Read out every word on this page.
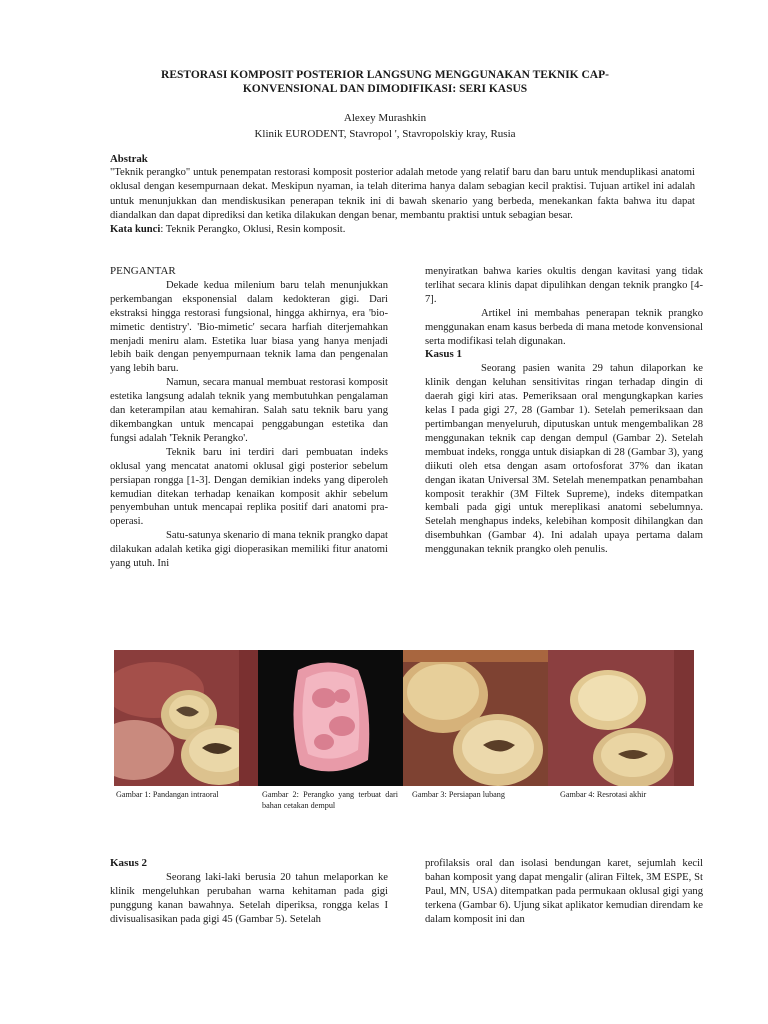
RESTORASI KOMPOSIT POSTERIOR LANGSUNG MENGGUNAKAN TEKNIK CAP-
KONVENSIONAL DAN DIMODIFIKASI: SERI KASUS
Alexey Murashkin
Klinik EURODENT, Stavropol ', Stavropolskiy kray, Rusia
Abstrak

"Teknik perangko" untuk penempatan restorasi komposit posterior adalah metode yang relatif baru dan baru untuk menduplikasi anatomi oklusal dengan kesempurnaan dekat. Meskipun nyaman, ia telah diterima hanya dalam sebagian kecil praktisi. Tujuan artikel ini adalah untuk menunjukkan dan mendiskusikan penerapan teknik ini di bawah skenario yang berbeda, menekankan fakta bahwa itu dapat diandalkan dan dapat diprediksi dan ketika dilakukan dengan benar, membantu praktisi untuk sebagian besar.

Kata kunci: Teknik Perangko, Oklusi, Resin komposit.

PENGANTAR

Dekade kedua milenium baru telah menunjukkan perkembangan eksponensial dalam kedokteran gigi. Dari ekstraksi hingga restorasi fungsional, hingga akhirnya, era 'bio-mimetic dentistry'. 'Bio-mimetic' secara harfiah diterjemahkan menjadi meniru alam. Estetika luar biasa yang hanya menjadi lebih baik dengan penyempurnaan teknik lama dan pengenalan yang lebih baru.

Namun, secara manual membuat restorasi komposit estetika langsung adalah teknik yang membutuhkan pengalaman dan keterampilan atau kemahiran. Salah satu teknik baru yang dikembangkan untuk mencapai penggabungan estetika dan fungsi adalah 'Teknik Perangko'.

Teknik baru ini terdiri dari pembuatan indeks oklusal yang mencatat anatomi oklusal gigi posterior sebelum persiapan rongga [1-3]. Dengan demikian indeks yang diperoleh kemudian ditekan terhadap kenaikan komposit akhir sebelum penyembuhan untuk mencapai replika positif dari anatomi pra-operasi.

Satu-satunya skenario di mana teknik prangko dapat dilakukan adalah ketika gigi dioperasikan memiliki fitur anatomi yang utuh. Ini

menyiratkan bahwa karies okultis dengan kavitasi yang tidak terlihat secara klinis dapat dipulihkan dengan teknik prangko [4-7].

Artikel ini membahas penerapan teknik prangko menggunakan enam kasus berbeda di mana metode konvensional serta modifikasi telah digunakan.

Kasus 1

Seorang pasien wanita 29 tahun dilaporkan ke klinik dengan keluhan sensitivitas ringan terhadap dingin di daerah gigi kiri atas. Pemeriksaan oral mengungkapkan karies kelas I pada gigi 27, 28 (Gambar 1). Setelah pemeriksaan dan pertimbangan menyeluruh, diputuskan untuk mengembalikan 28 menggunakan teknik cap dengan dempul (Gambar 2). Setelah membuat indeks, rongga untuk disiapkan di 28 (Gambar 3), yang diikuti oleh etsa dengan asam ortofosforat 37% dan ikatan dengan ikatan Universal 3M. Setelah menempatkan penambahan komposit terakhir (3M Filtek Supreme), indeks ditempatkan kembali pada gigi untuk mereplikasi anatomi sebelumnya. Setelah menghapus indeks, kelebihan komposit dihilangkan dan disembuhkan (Gambar 4). Ini adalah upaya pertama dalam menggunakan teknik prangko oleh penulis.

Gambar 1: Pandangan intraoral	Gambar 2: Perangko yang terbuat dari bahan cetakan dempul
Gambar 3: Persiapan lubang	Gambar 4: Resrotasi akhir
Kasus 2

Seorang laki-laki berusia 20 tahun melaporkan ke klinik mengeluhkan perubahan warna kehitaman pada gigi punggung kanan bawahnya. Setelah diperiksa, rongga kelas I divisualisasikan pada gigi 45 (Gambar 5). Setelah

profilaksis oral dan isolasi bendungan karet, sejumlah kecil bahan komposit yang dapat mengalir (aliran Filtek, 3M ESPE, St Paul, MN, USA) ditempatkan pada permukaan oklusal gigi yang terkena (Gambar 6). Ujung sikat aplikator kemudian direndam ke dalam komposit ini dan
